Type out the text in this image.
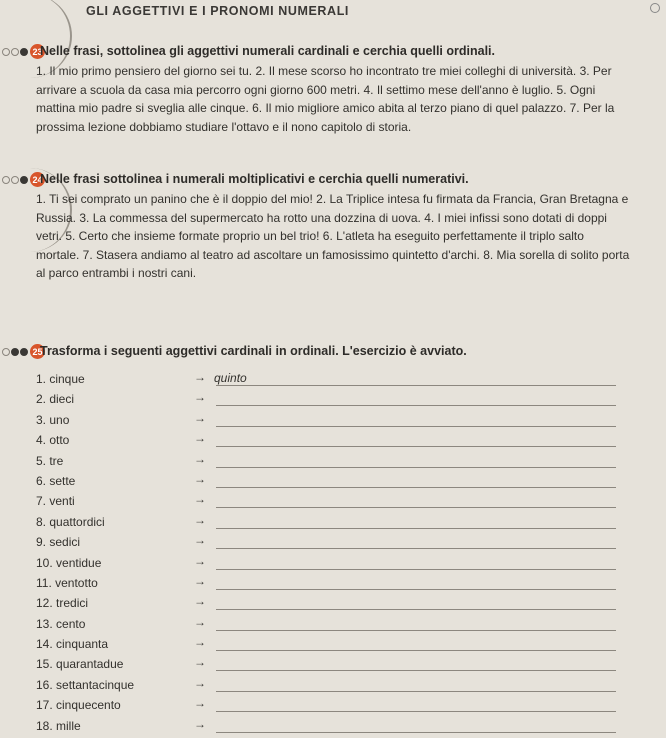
GLI AGGETTIVI E I PRONOMI NUMERALI
23
Nelle frasi, sottolinea gli aggettivi numerali cardinali e cerchia quelli ordinali.
1. Il mio primo pensiero del giorno sei tu. 2. Il mese scorso ho incontrato tre miei colleghi di università. 3. Per arrivare a scuola da casa mia percorro ogni giorno 600 metri. 4. Il settimo mese dell'anno è luglio. 5. Ogni mattina mio padre si sveglia alle cinque. 6. Il mio migliore amico abita al terzo piano di quel palazzo. 7. Per la prossima lezione dobbiamo studiare l'ottavo e il nono capitolo di storia.
24
Nelle frasi sottolinea i numerali moltiplicativi e cerchia quelli numerativi.
1. Ti sei comprato un panino che è il doppio del mio! 2. La Triplice intesa fu firmata da Francia, Gran Bretagna e Russia. 3. La commessa del supermercato ha rotto una dozzina di uova. 4. I miei infissi sono dotati di doppi vetri. 5. Certo che insieme formate proprio un bel trio! 6. L'atleta ha eseguito perfettamente il triplo salto mortale. 7. Stasera andiamo al teatro ad ascoltare un famosissimo quintetto d'archi. 8. Mia sorella di solito porta al parco entrambi i nostri cani.
25
Trasforma i seguenti aggettivi cardinali in ordinali. L'esercizio è avviato.
1. cinque	→ quinto
2. dieci	→
3. uno	→
4. otto	→
5. tre	→
6. sette	→
7. venti	→
8. quattordici	→
9. sedici	→
10. ventidue	→
11. ventotto	→
12. tredici	→
13. cento	→
14. cinquanta	→
15. quarantadue	→
16. settantacinque	→
17. cinquecento	→
18. mille	→
